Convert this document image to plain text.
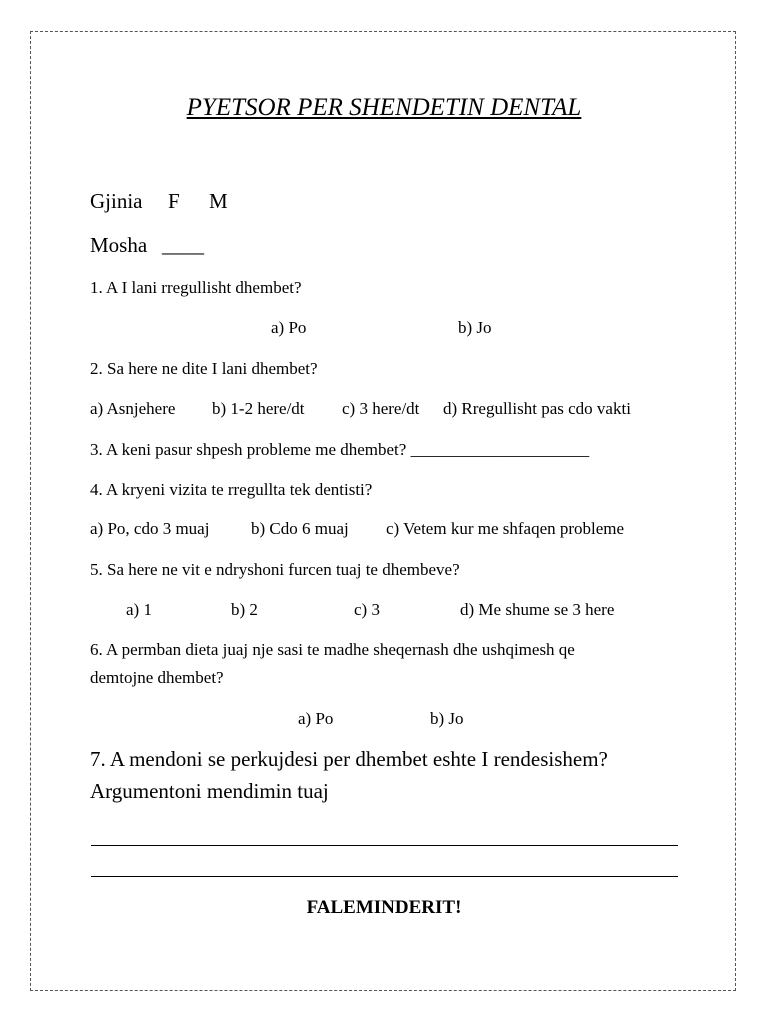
PYETSOR PER SHENDETIN DENTAL
Gjinia F M
Mosha ____
1. A I lani rregullisht dhembet?
a) Po	b) Jo
2. Sa here ne dite I lani dhembet?
a) Asnjehere b) 1-2 here/dt c) 3 here/dt d) Rregullisht pas cdo vakti
3. A keni pasur shpesh probleme me dhembet? _____________________
4. A kryeni vizita te rregullta tek dentisti?
a) Po, cdo 3 muaj b) Cdo 6 muaj c) Vetem kur me shfaqen probleme
5. Sa here ne vit e ndryshoni furcen tuaj te dhembeve?
a) 1	b) 2	c) 3	d) Me shume se 3 here
6. A permban dieta juaj nje sasi te madhe sheqernash dhe ushqimesh qe
demtojne dhembet?
a) Po	b) Jo
7. A mendoni se perkujdesi per dhembet eshte I rendesishem?
Argumentoni mendimin tuaj
FALEMINDERIT!
